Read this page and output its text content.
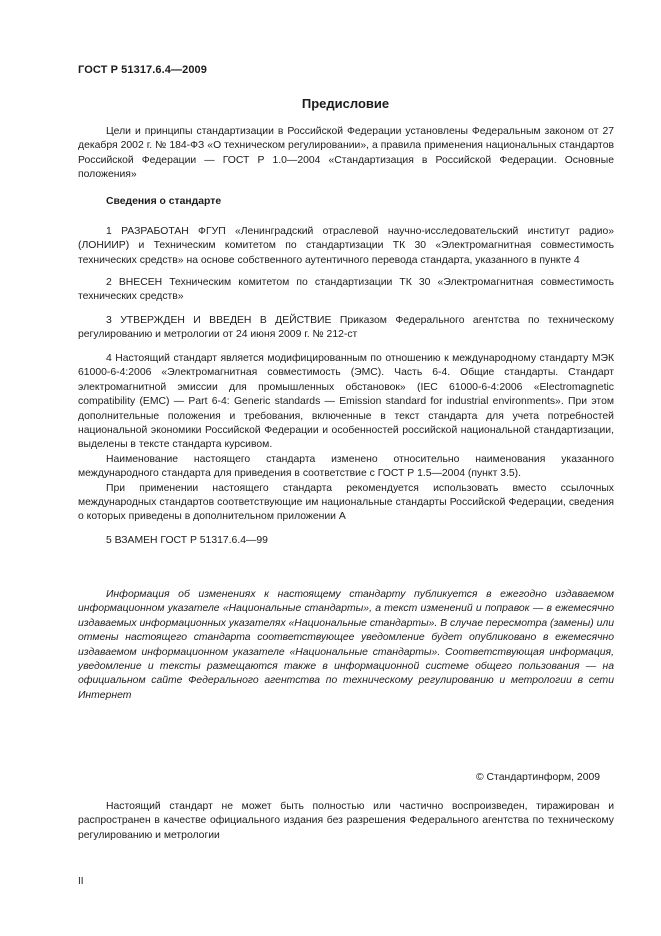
ГОСТ Р 51317.6.4—2009
Предисловие

Цели и принципы стандартизации в Российской Федерации установлены Федеральным законом от 27 декабря 2002 г. № 184-ФЗ «О техническом регулировании», а правила применения национальных стандартов Российской Федерации — ГОСТ Р 1.0—2004 «Стандартизация в Российской Федерации. Основные положения»

Сведения о стандарте

1 РАЗРАБОТАН ФГУП «Ленинградский отраслевой научно-исследовательский институт радио» (ЛОНИИР) и Техническим комитетом по стандартизации ТК 30 «Электромагнитная совместимость технических средств» на основе собственного аутентичного перевода стандарта, указанного в пункте 4

2 ВНЕСЕН Техническим комитетом по стандартизации ТК 30 «Электромагнитная совместимость технических средств»

3 УТВЕРЖДЕН И ВВЕДЕН В ДЕЙСТВИЕ Приказом Федерального агентства по техническому регулированию и метрологии от 24 июня 2009 г. № 212-ст

4 Настоящий стандарт является модифицированным по отношению к международному стандарту МЭК 61000-6-4:2006 «Электромагнитная совместимость (ЭМС). Часть 6-4. Общие стандарты. Стандарт электромагнитной эмиссии для промышленных обстановок» (IEC 61000-6-4:2006 «Electromagnetic compatibility (EMC) — Part 6-4: Generic standards — Emission standard for industrial environments». При этом дополнительные положения и требования, включенные в текст стандарта для учета потребностей национальной экономики Российской Федерации и особенностей российской национальной стандартизации, выделены в тексте стандарта курсивом.

Наименование настоящего стандарта изменено относительно наименования указанного международного стандарта для приведения в соответствие с ГОСТ Р 1.5—2004 (пункт 3.5).

При применении настоящего стандарта рекомендуется использовать вместо ссылочных международных стандартов соответствующие им национальные стандарты Российской Федерации, сведения о которых приведены в дополнительном приложении А

5 ВЗАМЕН ГОСТ Р 51317.6.4—99

Информация об изменениях к настоящему стандарту публикуется в ежегодно издаваемом информационном указателе «Национальные стандарты», а текст изменений и поправок — в ежемесячно издаваемых информационных указателях «Национальные стандарты». В случае пересмотра (замены) или отмены настоящего стандарта соответствующее уведомление будет опубликовано в ежемесячно издаваемом информационном указателе «Национальные стандарты». Соответствующая информация, уведомление и тексты размещаются также в информационной системе общего пользования — на официальном сайте Федерального агентства по техническому регулированию и метрологии в сети Интернет

© Стандартинформ, 2009

Настоящий стандарт не может быть полностью или частично воспроизведен, тиражирован и распространен в качестве официального издания без разрешения Федерального агентства по техническому регулированию и метрологии

II
